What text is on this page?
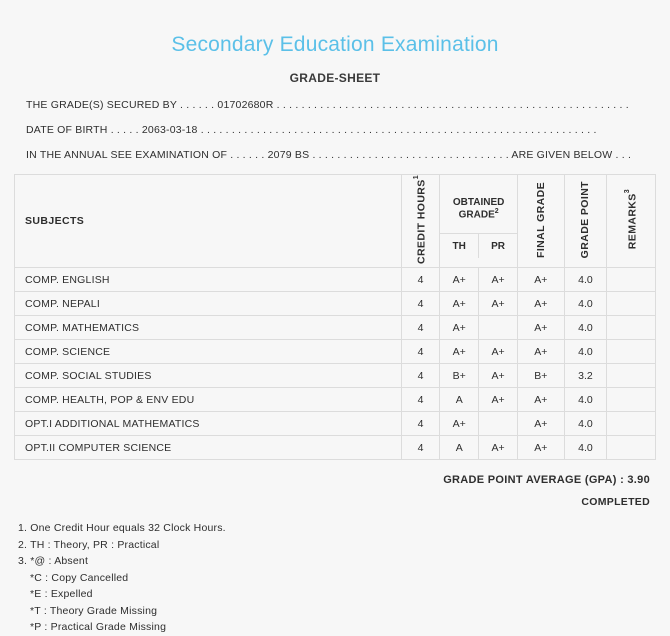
Secondary Education Examination
GRADE-SHEET
THE GRADE(S) SECURED BY . . . . . . 01702680R . . . . . . . . . . . . . . . . . . . . . . . . . . . . . . . . . . . . . . . . . . . . . . . . . . . . . . . . .
DATE OF BIRTH . . . . . 2063-03-18 . . . . . . . . . . . . . . . . . . . . . . . . . . . . . . . . . . . . . . . . . . . . . . . . . . . . . . . . . . . . . . . .
IN THE ANNUAL SEE EXAMINATION OF . . . . . . 2079 BS . . . . . . . . . . . . . . . . . . . . . . . . . . . . . . . . ARE GIVEN BELOW . . .
SUBJECTS	CREDIT HOURS$^1$	OBTAINED GRADE$^2$
TH PR		FINAL GRADE	GRADE POINT	REMARKS$^3$
COMP. ENGLISH	4	A+	A+	A+	4.0	
COMP. NEPALI	4	A+	A+	A+	4.0	
COMP. MATHEMATICS	4	A+		A+	4.0	
COMP. SCIENCE	4	A+	A+	A+	4.0	
COMP. SOCIAL STUDIES	4	B+	A+	B+	3.2	
COMP. HEALTH, POP & ENV EDU	4	A	A+	A+	4.0	
OPT.I ADDITIONAL MATHEMATICS	4	A+		A+	4.0	
OPT.II COMPUTER SCIENCE	4	A	A+	A+	4.0	
GRADE POINT AVERAGE (GPA) : 3.90
COMPLETED
1. One Credit Hour equals 32 Clock Hours.
2. TH : Theory, PR : Practical
3. *@ : Absent
*C : Copy Cancelled
*E : Expelled
*T : Theory Grade Missing
*P : Practical Grade Missing
